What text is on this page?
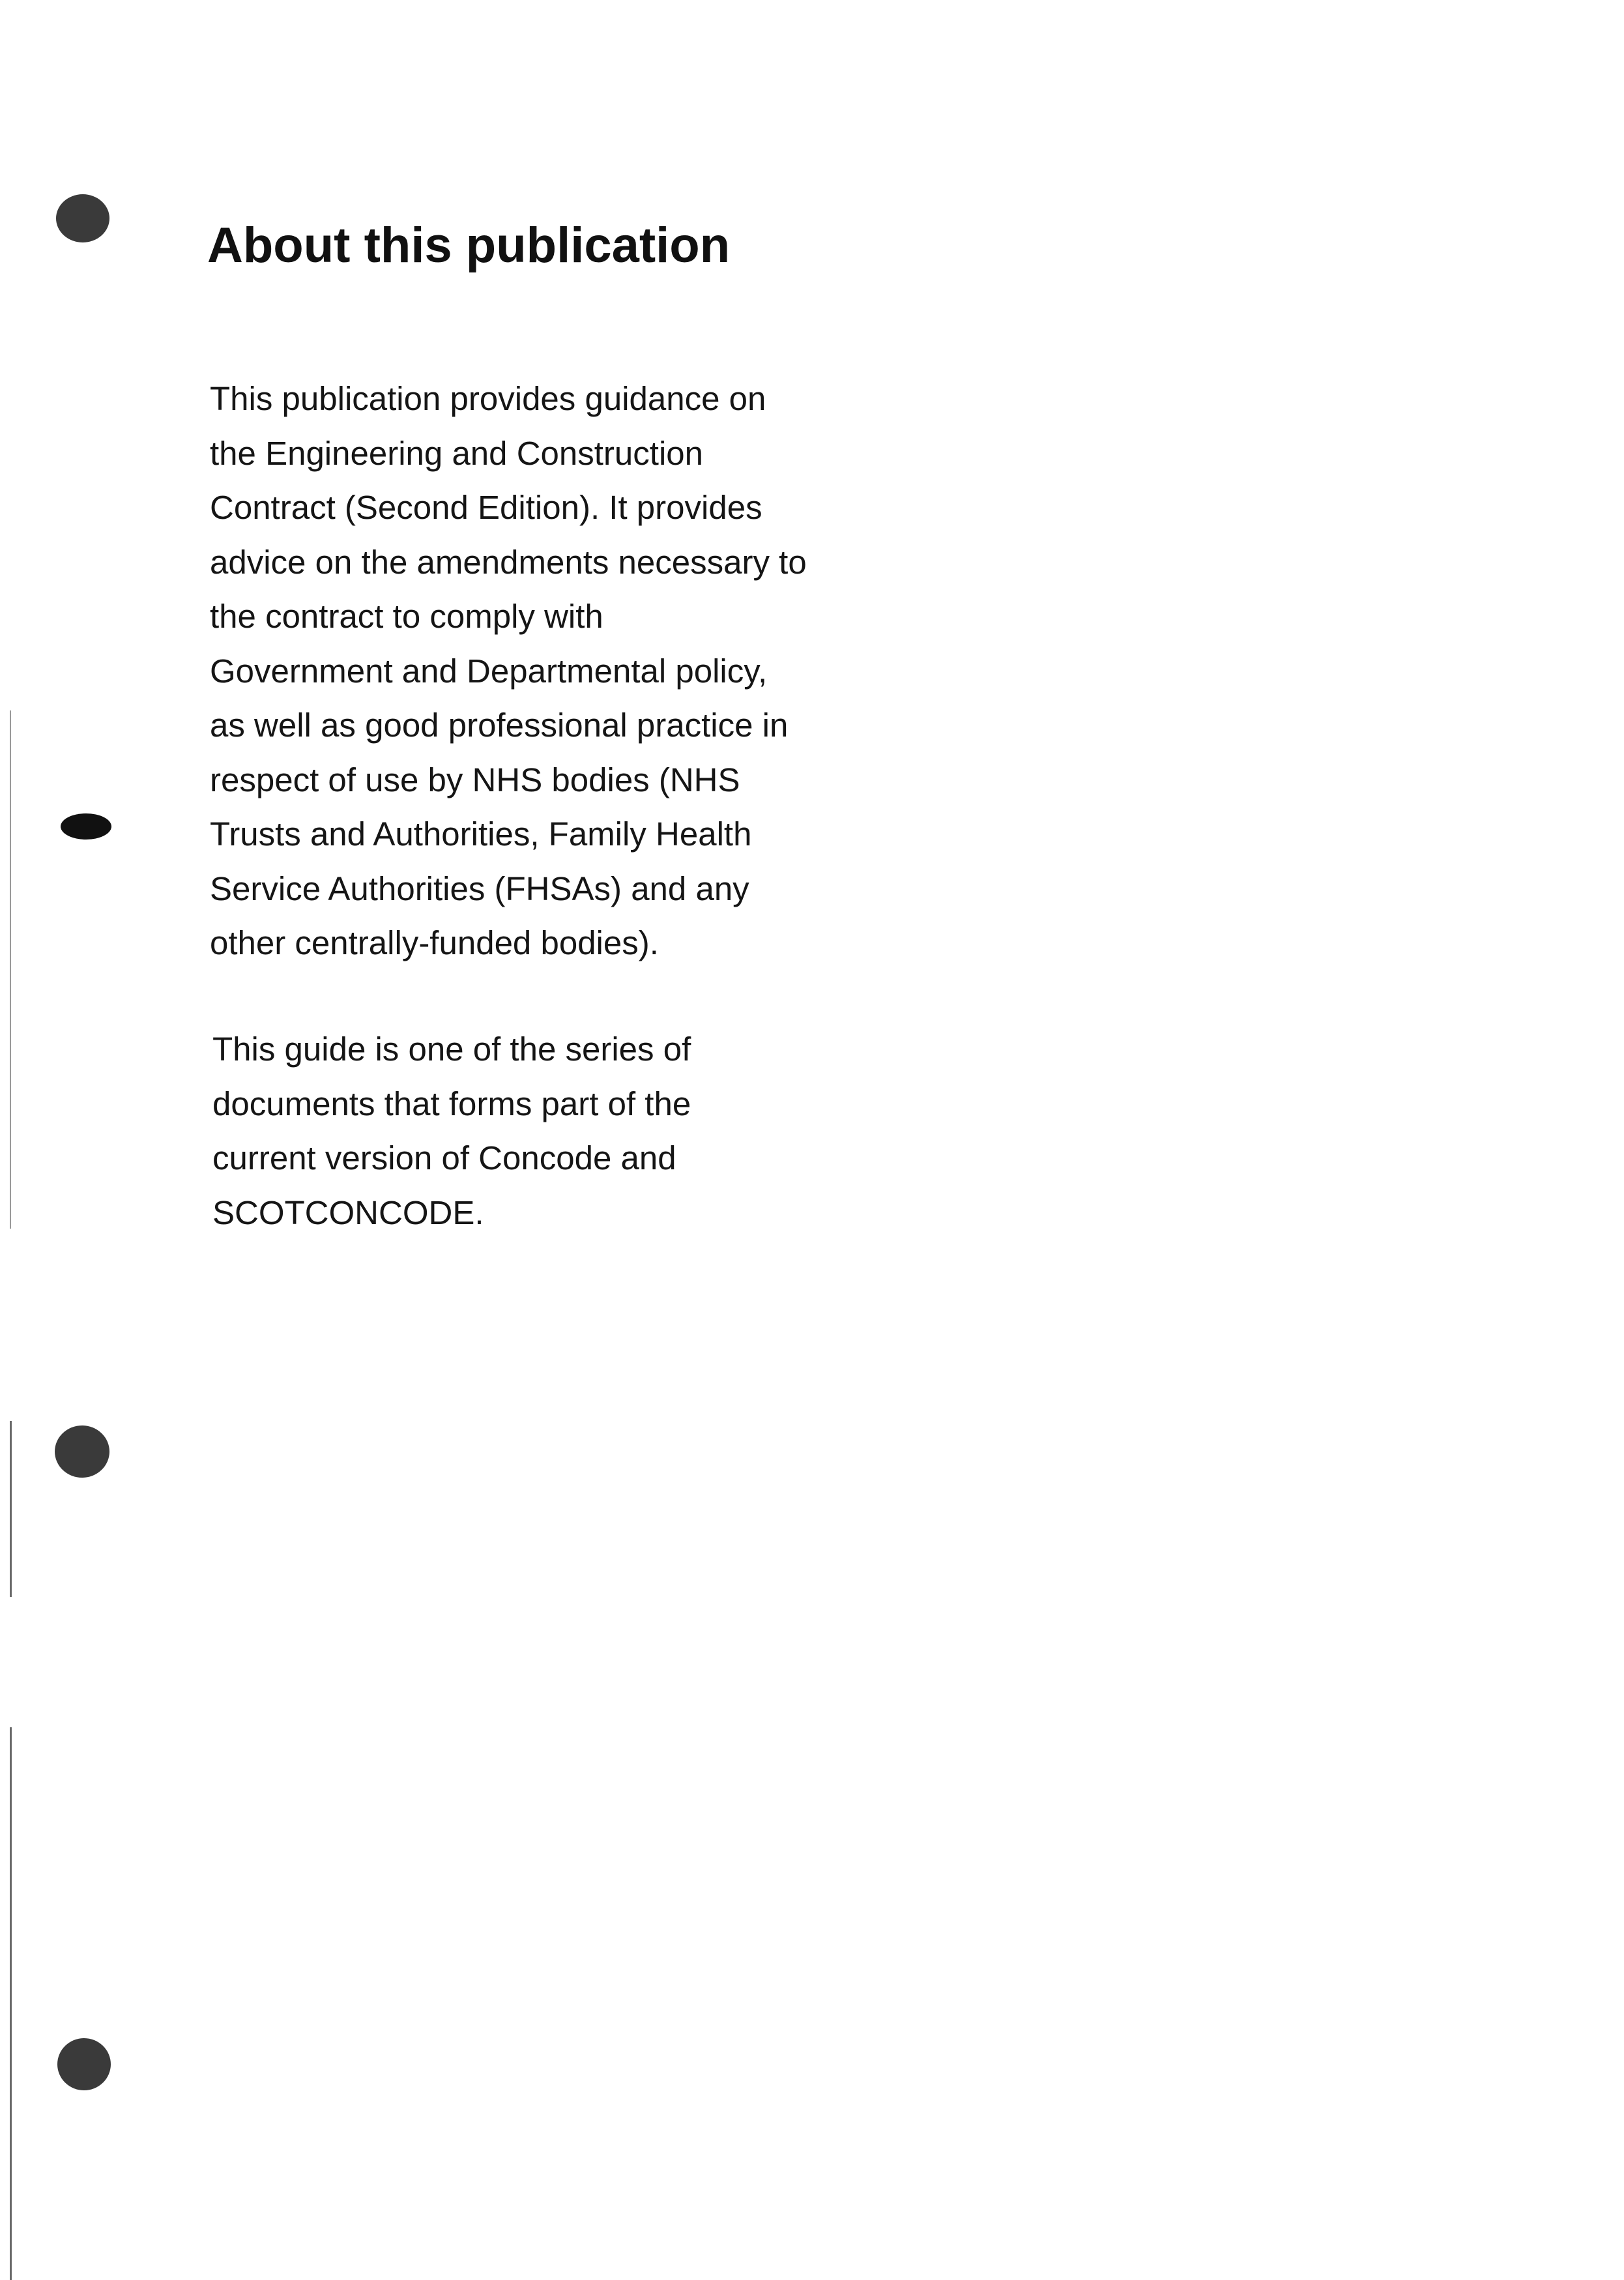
About this publication

This publication provides guidance on
the Engineering and Construction
Contract (Second Edition). It provides
advice on the amendments necessary to
the contract to comply with
Government and Departmental policy,
as well as good professional practice in
respect of use by NHS bodies (NHS
Trusts and Authorities, Family Health
Service Authorities (FHSAs) and any
other centrally-funded bodies).

This guide is one of the series of
documents that forms part of the
current version of Concode and
SCOTCONCODE.
